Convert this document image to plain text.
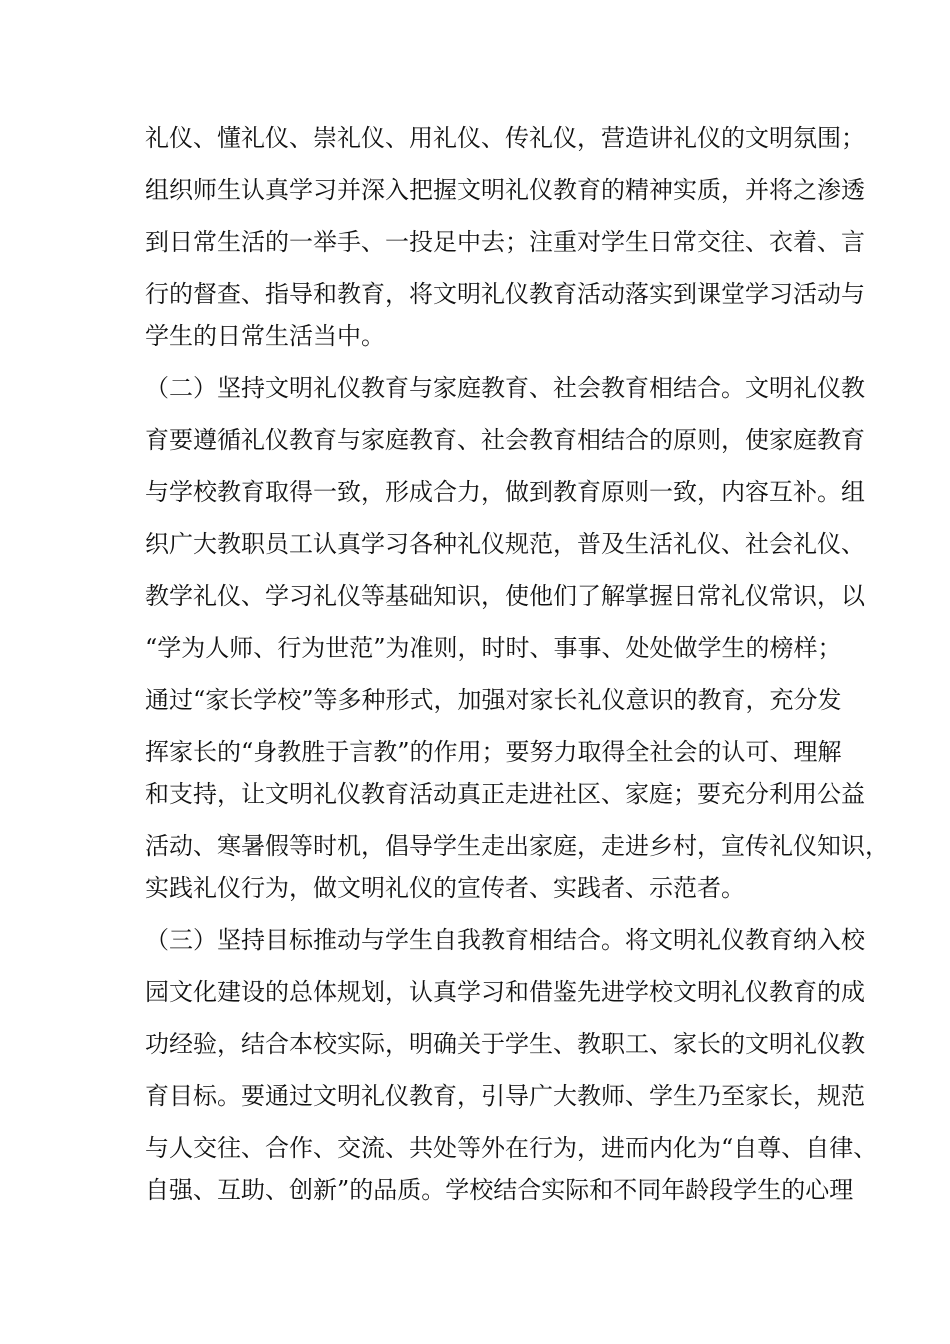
礼仪、懂礼仪、崇礼仪、用礼仪、传礼仪，营造讲礼仪的文明氛围；
组织师生认真学习并深入把握文明礼仪教育的精神实质，并将之渗透
到日常生活的一举手、一投足中去；注重对学生日常交往、衣着、言
行的督查、指导和教育，将文明礼仪教育活动落实到课堂学习活动与
学生的日常生活当中。
（二）坚持文明礼仪教育与家庭教育、社会教育相结合。文明礼仪教
育要遵循礼仪教育与家庭教育、社会教育相结合的原则，使家庭教育
与学校教育取得一致，形成合力，做到教育原则一致，内容互补。组
织广大教职员工认真学习各种礼仪规范，普及生活礼仪、社会礼仪、
教学礼仪、学习礼仪等基础知识，使他们了解掌握日常礼仪常识，以
“学为人师、行为世范”为准则，时时、事事、处处做学生的榜样；
通过“家长学校”等多种形式，加强对家长礼仪意识的教育，充分发
挥家长的“身教胜于言教”的作用；要努力取得全社会的认可、理解
和支持，让文明礼仪教育活动真正走进社区、家庭；要充分利用公益
活动、寒暑假等时机，倡导学生走出家庭，走进乡村，宣传礼仪知识，
实践礼仪行为，做文明礼仪的宣传者、实践者、示范者。
（三）坚持目标推动与学生自我教育相结合。将文明礼仪教育纳入校
园文化建设的总体规划，认真学习和借鉴先进学校文明礼仪教育的成
功经验，结合本校实际，明确关于学生、教职工、家长的文明礼仪教
育目标。要通过文明礼仪教育，引导广大教师、学生乃至家长，规范
与人交往、合作、交流、共处等外在行为，进而内化为“自尊、自律、
自强、互助、创新”的品质。学校结合实际和不同年龄段学生的心理
